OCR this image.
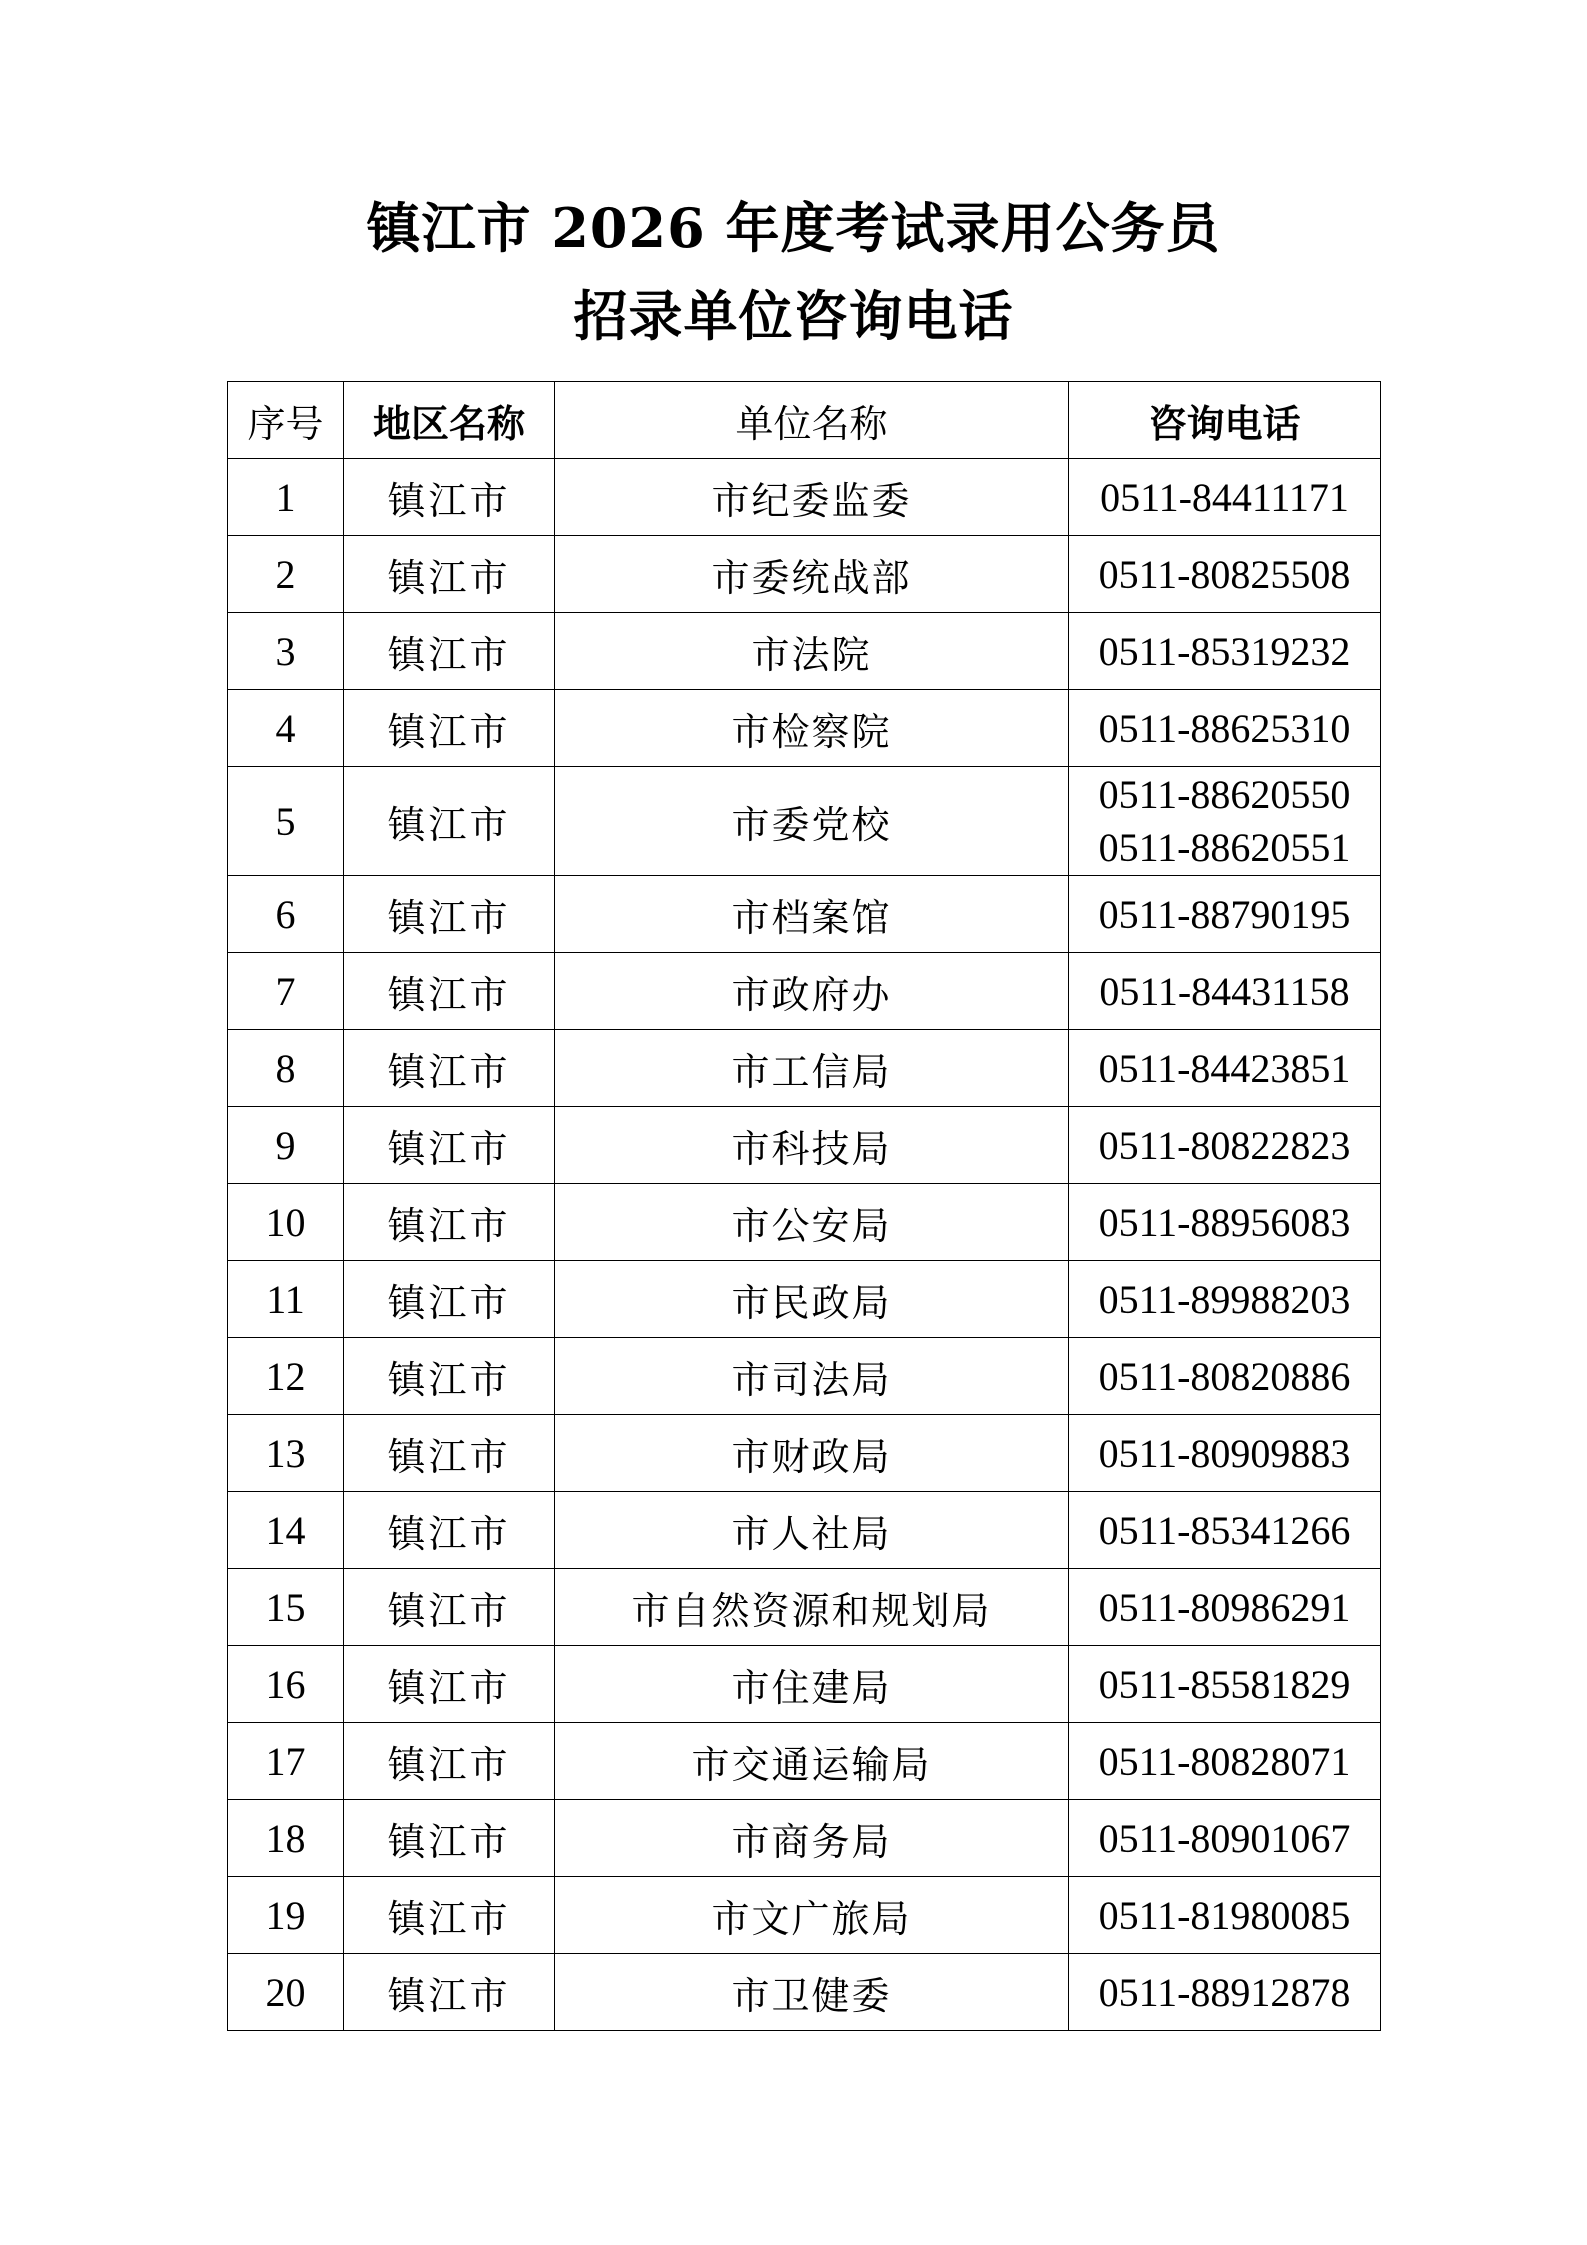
镇江市 2026 年度考试录用公务员
招录单位咨询电话
序号	地区名称	单位名称	咨询电话
1	镇江市	市纪委监委	0511-84411171

2	镇江市	市委统战部	0511-80825508

3	镇江市	市法院	0511-85319232

4	镇江市	市检察院	0511-88625310

5	镇江市	市委党校	0511-88620550
0511-88620551

6	镇江市	市档案馆	0511-88790195

7	镇江市	市政府办	0511-84431158

8	镇江市	市工信局	0511-84423851

9	镇江市	市科技局	0511-80822823

10	镇江市	市公安局	0511-88956083

11	镇江市	市民政局	0511-89988203

12	镇江市	市司法局	0511-80820886

13	镇江市	市财政局	0511-80909883

14	镇江市	市人社局	0511-85341266

15	镇江市	市自然资源和规划局	0511-80986291

16	镇江市	市住建局	0511-85581829

17	镇江市	市交通运输局	0511-80828071

18	镇江市	市商务局	0511-80901067

19	镇江市	市文广旅局	0511-81980085

20	镇江市	市卫健委	0511-88912878
